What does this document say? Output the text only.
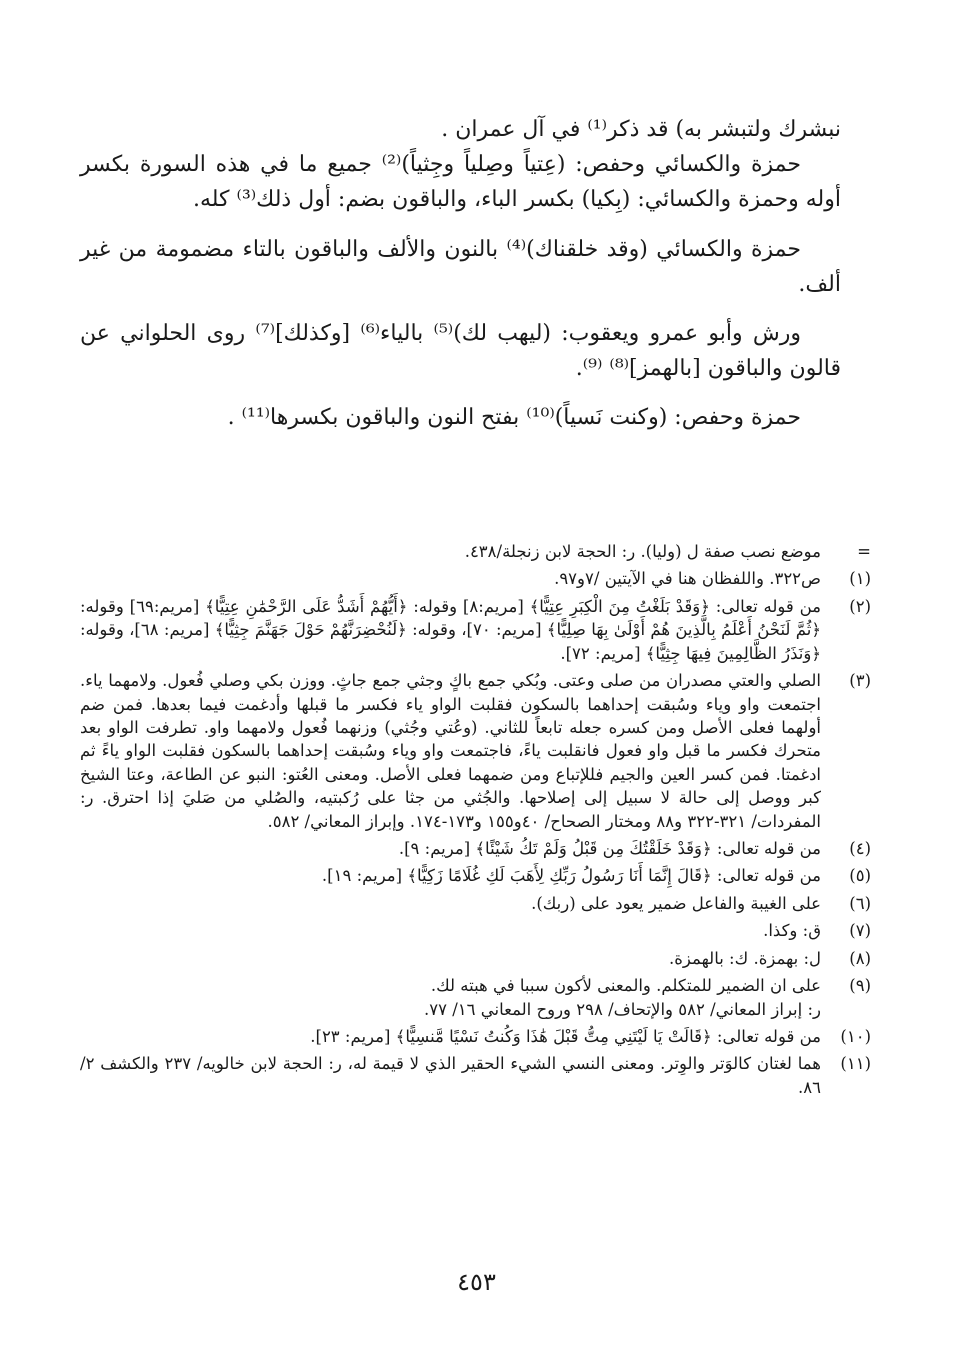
نبشرك ولتبشر به) قد ذكر⁽¹⁾ في آل عمران .

حمزة والكسائي وحفص: (عِتياً وصِلياً وجِثياً)⁽²⁾ جميع ما في هذه السورة بكسر أوله وحمزة والكسائي: (بِكيا) بكسر الباء، والباقون بضم: أول ذلك⁽³⁾ كله.

حمزة والكسائي (وقد خلقناك)⁽⁴⁾ بالنون والألف والباقون بالتاء مضمومة من غير ألف.

ورش وأبو عمرو ويعقوب: (ليهب لك)⁽⁵⁾ بالياء⁽⁶⁾ [وكذلك]⁽⁷⁾ روى الحلواني عن قالون والباقون [بالهمز]⁽⁸⁾ ⁽⁹⁾.

حمزة وحفص: (وكنت نَسياً)⁽¹⁰⁾ بفتح النون والباقون بكسرها⁽¹¹⁾ .

=
موضع نصب صفة ل (وليا). ر: الحجة لابن زنجلة/٤٣٨.
(١)
ص٣٢٢. واللفظان هنا في الآيتين /٧و٩٧.
(٢)
من قوله تعالى: ﴿وَقَدْ بَلَغْتُ مِنَ الْكِبَرِ عِتِيًّا﴾ [مريم:٨] وقوله: ﴿أَيُّهُمْ أَشَدُّ عَلَى الرَّحْمَٰنِ عِتِيًّا﴾ [مريم:٦٩] وقوله: ﴿ثُمَّ لَنَحْنُ أَعْلَمُ بِالَّذِينَ هُمْ أَوْلَىٰ بِهَا صِلِيًّا﴾ [مريم: ٧٠]، وقوله: ﴿لَنُحْضِرَنَّهُمْ حَوْلَ جَهَنَّمَ جِثِيًّا﴾ [مريم: ٦٨]، وقوله: ﴿وَنَذَرُ الظَّالِمِينَ فِيهَا جِثِيًّا﴾ [مريم: ٧٢].
(٣)
الصلي والعتي مصدران من صلى وعتى. وبُكي جمع باكٍ وجثي جمع جاثٍ. ووزن بكي وصلي فُعول. ولامهما ياء. اجتمعت واو وياء وسُبقت إحداهما بالسكون فقلبت الواو ياء فكسر ما قبلها وأدغمت فيما بعدها. فمن ضم أولهما فعلى الأصل ومن كسره جعله تابعاً للثاني. (وعُتي وجُثي) وزنهما فُعول ولامهما واو. تطرفت الواو بعد متحرك فكسر ما قبل واو فعول فانقلبت ياءً، فاجتمعت واو وياء وسُبقت إحداهما بالسكون فقلبت الواو ياءً ثم ادغمتا. فمن كسر العين والجيم فللإتباع ومن ضمهما فعلى الأصل. ومعنى العُتو: النبو عن الطاعة، وعتا الشيخ كبر ووصل إلى حالة لا سبيل إلى إصلاحها. والجُثي من جثا على رُكبتيه، والصُلي من صَليَ إذا احترق. ر: المفردات/ ٣٢١-٣٢٢ و٨٨ ومختار الصحاح/ ٤٠و١٥٥ و١٧٣-١٧٤. وإبراز المعاني/ ٥٨٢.
(٤)
من قوله تعالى: ﴿وَقَدْ خَلَقْتُكَ مِن قَبْلُ وَلَمْ تَكُ شَيْئًا﴾ [مريم: ٩].
(٥)
من قوله تعالى: ﴿قَالَ إِنَّمَا أَنَا رَسُولُ رَبِّكِ لِأَهَبَ لَكِ غُلَامًا زَكِيًّا﴾ [مريم: ١٩].
(٦)
على الغيبة والفاعل ضمير يعود على (ربك).
(٧)
ق: وكذا.
(٨)
ل: بهمزة. ك: بالهمزة.
(٩)
على ان الضمير للمتكلم. والمعنى لأكون سببا في هبته لك.
ر: إبراز المعاني/ ٥٨٢ والإتحاف/ ٢٩٨ وروح المعاني ١٦/ ٧٧.
(١٠)
من قوله تعالى: ﴿قَالَتْ يَا لَيْتَنِي مِتُّ قَبْلَ هَٰذَا وَكُنتُ نَسْيًا مَّنسِيًّا﴾ [مريم: ٢٣].
(١١)
هما لغتان كالوَتر والوِتر. ومعنى النسي الشيء الحقير الذي لا قيمة له، ر: الحجة لابن خالويه/ ٢٣٧ والكشف ٢/ ٨٦.
٤٥٣
